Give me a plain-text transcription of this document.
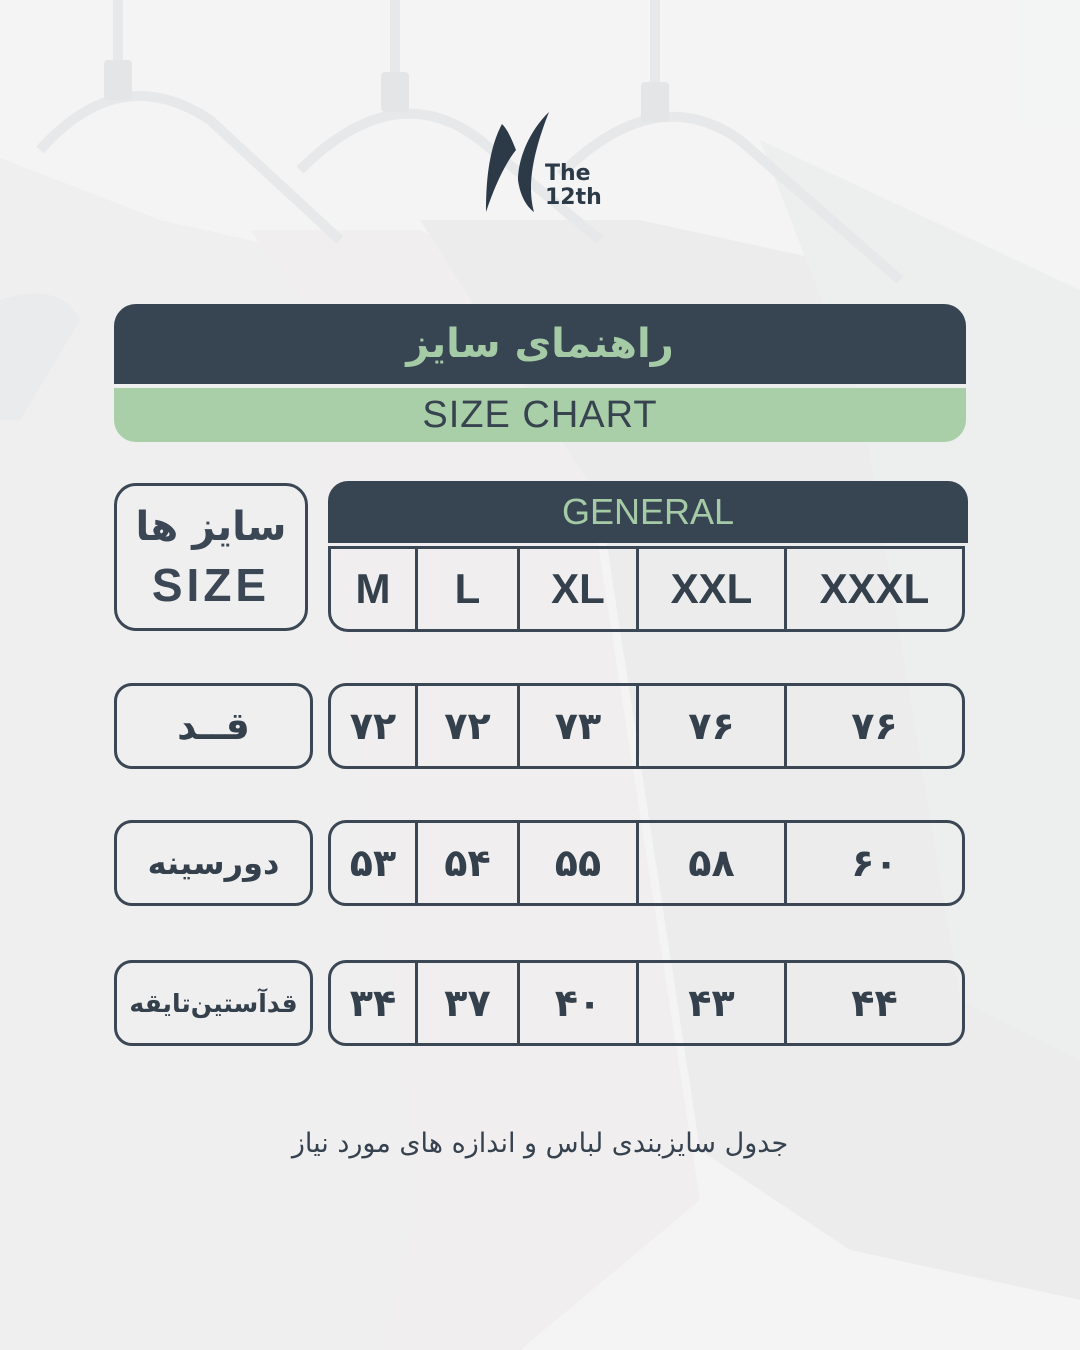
The
12th
راهنمای سایز
SIZE CHART
سایز ها
SIZE
GENERAL
M	L	XL	XXL	XXXL
قــد	۷۲	۷۲	۷۳	۷۶	۷۶
دورسینه	۵۳	۵۴	۵۵	۵۸	۶۰
قدآستین‌تا‌یقه	۳۴	۳۷	۴۰	۴۳	۴۴
جدول سایزبندی لباس و اندازه های مورد نیاز
